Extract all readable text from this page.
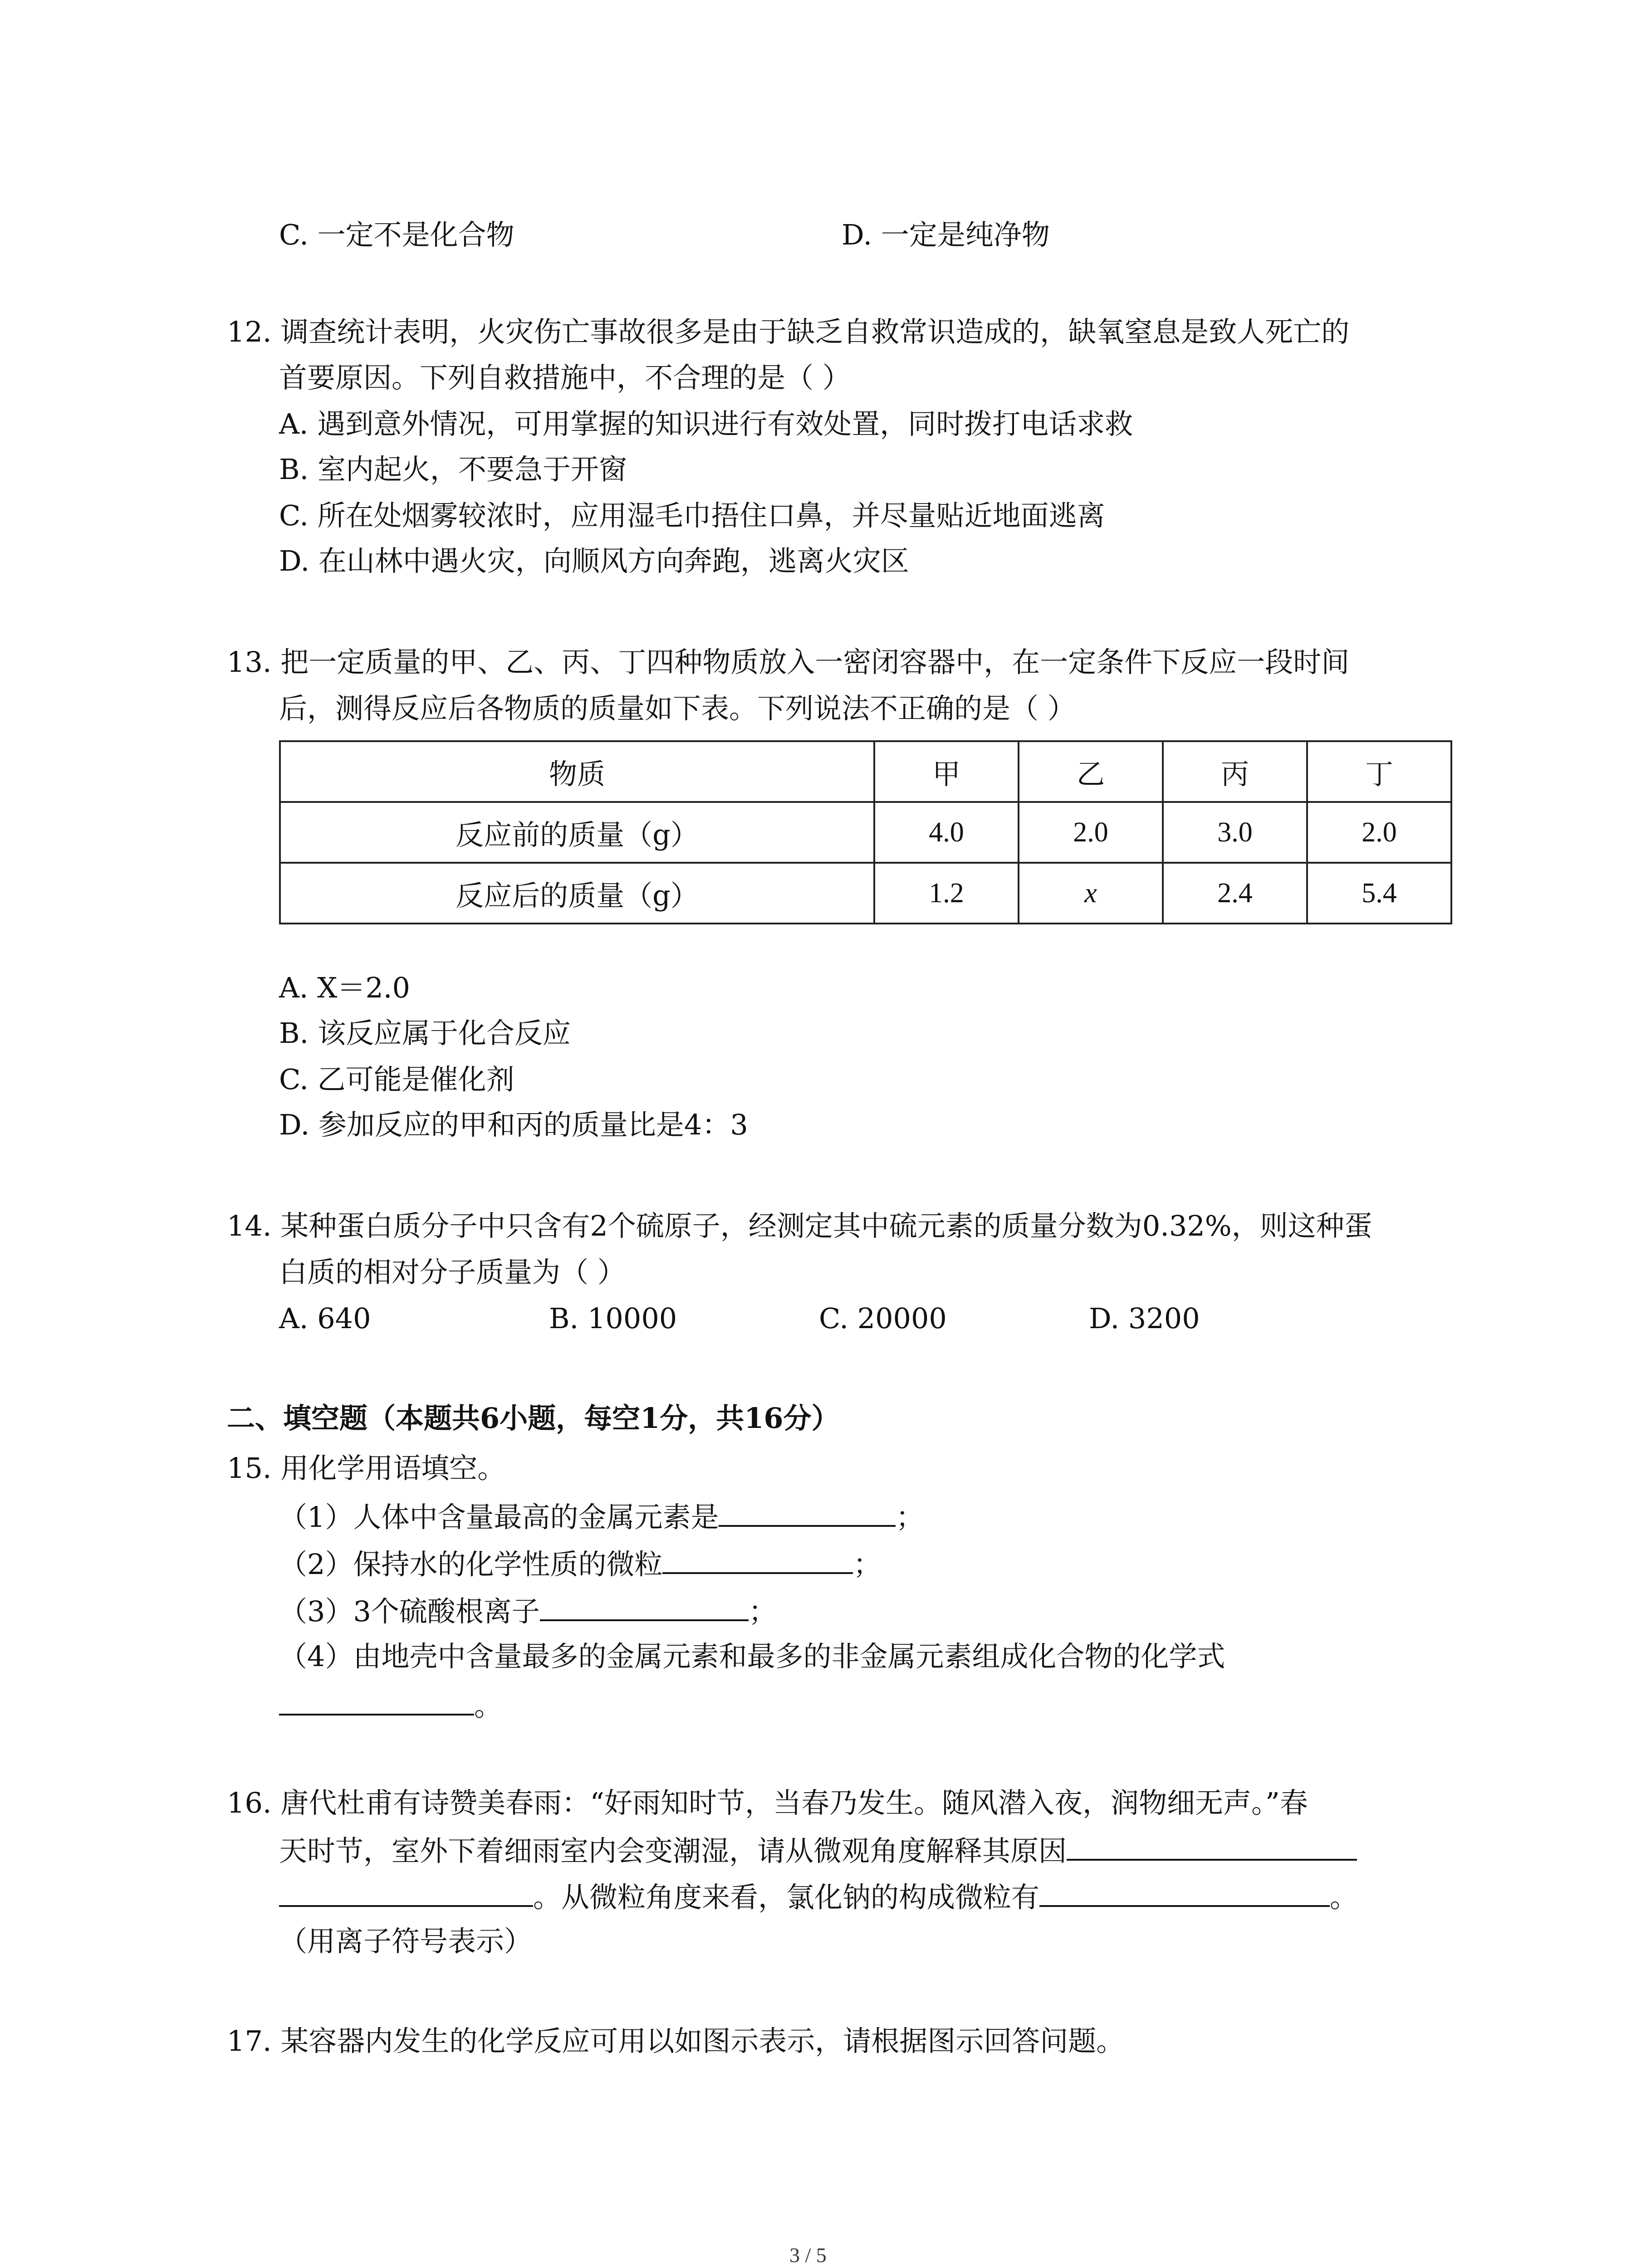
C. 一定不是化合物	D. 一定是纯净物
12. 调查统计表明，火灾伤亡事故很多是由于缺乏自救常识造成的，缺氧窒息是致人死亡的
首要原因。下列自救措施中，不合理的是（ ）
A. 遇到意外情况，可用掌握的知识进行有效处置，同时拨打电话求救
B. 室内起火，不要急于开窗
C. 所在处烟雾较浓时，应用湿毛巾捂住口鼻，并尽量贴近地面逃离
D. 在山林中遇火灾，向顺风方向奔跑，逃离火灾区
13. 把一定质量的甲、乙、丙、丁四种物质放入一密闭容器中，在一定条件下反应一段时间
后，测得反应后各物质的质量如下表。下列说法不正确的是（ ）
物质	甲	乙	丙	丁
反应前的质量（g）	4.0	2.0	3.0	2.0
反应后的质量（g）	1.2	x	2.4	5.4
A. X＝2.0
B. 该反应属于化合反应
C. 乙可能是催化剂
D. 参加反应的甲和丙的质量比是4：3
14. 某种蛋白质分子中只含有2个硫原子，经测定其中硫元素的质量分数为0.32%，则这种蛋
白质的相对分子质量为（ ）
A. 640	B. 10000	C. 20000	D. 3200
二、填空题（本题共6小题，每空1分，共16分）
15. 用化学用语填空。
（1）人体中含量最高的金属元素是	；
（2）保持水的化学性质的微粒	；
（3）3个硫酸根离子	；
（4）由地壳中含量最多的金属元素和最多的非金属元素组成化合物的化学式
。
16. 唐代杜甫有诗赞美春雨：“好雨知时节，当春乃发生。随风潜入夜，润物细无声。”春
天时节，室外下着细雨室内会变潮湿，请从微观角度解释其原因
。从微粒角度来看，氯化钠的构成微粒有	。
（用离子符号表示）
17. 某容器内发生的化学反应可用以如图示表示，请根据图示回答问题。
3 / 5
